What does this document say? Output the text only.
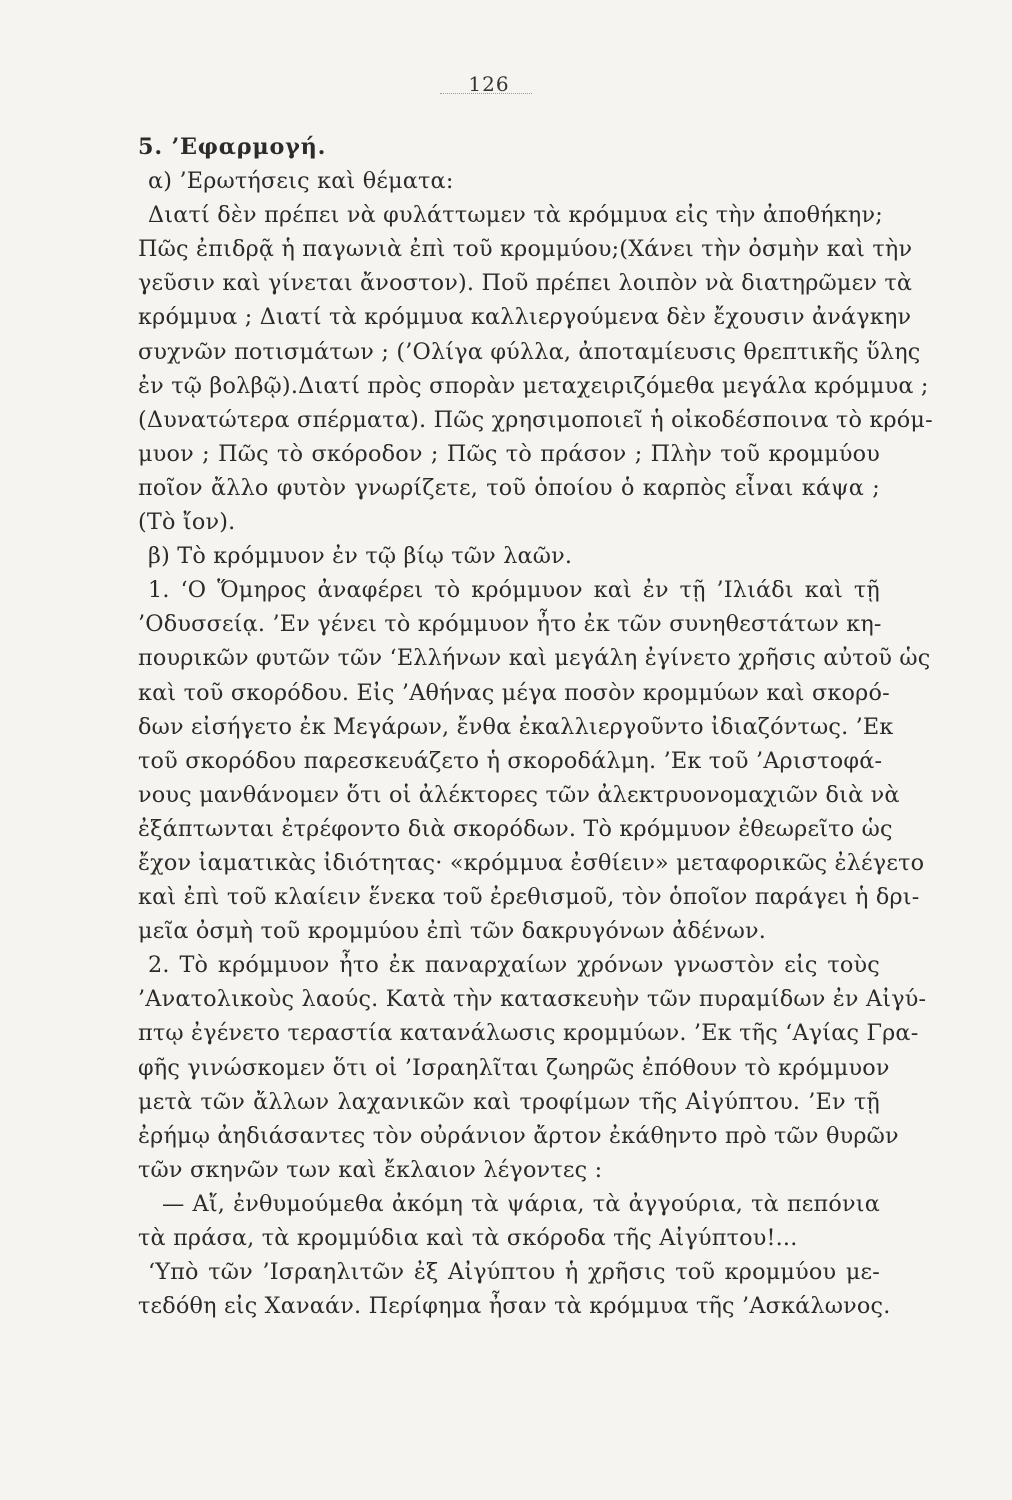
126
5. ’Εφαρμογή.
α) ’Ερωτήσεις καὶ θέματα:
Διατί δὲν πρέπει νὰ φυλάττωμεν τὰ κρόμμυα εἰς τὴν ἀποθήκην;
Πῶς ἐπιδρᾷ ἡ παγωνιὰ ἐπὶ τοῦ κρομμύου;(Χάνει τὴν ὀσμὴν καὶ τὴν
γεῦσιν καὶ γίνεται ἄνοστον). Ποῦ πρέπει λοιπὸν νὰ διατηρῶμεν τὰ
κρόμμυα ; Διατί τὰ κρόμμυα καλλιεργούμενα δὲν ἔχουσιν ἀνάγκην
συχνῶν ποτισμάτων ; (’Ολίγα φύλλα, ἀποταμίευσις θρεπτικῆς ὕλης
ἐν τῷ βολβῷ).Διατί πρὸς σπορὰν μεταχειριζόμεθα μεγάλα κρόμμυα ;
(Δυνατώτερα σπέρματα). Πῶς χρησιμοποιεῖ ἡ οἰκοδέσποινα τὸ κρόμ-
μυον ; Πῶς τὸ σκόροδον ; Πῶς τὸ πράσον ; Πλὴν τοῦ κρομμύου
ποῖον ἄλλο φυτὸν γνωρίζετε, τοῦ ὁποίου ὁ καρπὸς εἶναι κάψα ;
(Τὸ ἴον).
β) Τὸ κρόμμυον ἐν τῷ βίῳ τῶν λαῶν.
1. ‘Ο Ὅμηρος ἀναφέρει τὸ κρόμμυον καὶ ἐν τῇ ’Ιλιάδι καὶ τῇ
’Οδυσσείᾳ. ’Εν γένει τὸ κρόμμυον ἦτο ἐκ τῶν συνηθεστάτων κη-
πουρικῶν φυτῶν τῶν ‘Ελλήνων καὶ μεγάλη ἐγίνετο χρῆσις αὐτοῦ ὡς
καὶ τοῦ σκορόδου. Εἰς ’Αθήνας μέγα ποσὸν κρομμύων καὶ σκορό-
δων εἰσήγετο ἐκ Μεγάρων, ἔνθα ἐκαλλιεργοῦντο ἰδιαζόντως. ’Εκ
τοῦ σκορόδου παρεσκευάζετο ἡ σκοροδάλμη. ’Εκ τοῦ ’Αριστοφά-
νους μανθάνομεν ὅτι οἱ ἀλέκτορες τῶν ἀλεκτρυονομαχιῶν διὰ νὰ
ἐξάπτωνται ἐτρέφοντο διὰ σκορόδων. Τὸ κρόμμυον ἐθεωρεῖτο ὡς
ἔχον ἰαματικὰς ἰδιότητας· «κρόμμυα ἐσθίειν» μεταφορικῶς ἐλέγετο
καὶ ἐπὶ τοῦ κλαίειν ἕνεκα τοῦ ἐρεθισμοῦ, τὸν ὁποῖον παράγει ἡ δρι-
μεῖα ὀσμὴ τοῦ κρομμύου ἐπὶ τῶν δακρυγόνων ἀδένων.
2. Τὸ κρόμμυον ἦτο ἐκ παναρχαίων χρόνων γνωστὸν εἰς τοὺς
’Ανατολικοὺς λαούς. Κατὰ τὴν κατασκευὴν τῶν πυραμίδων ἐν Αἰγύ-
πτῳ ἐγένετο τεραστία κατανάλωσις κρομμύων. ’Εκ τῆς ‘Αγίας Γρα-
φῆς γινώσκομεν ὅτι οἱ ’Ισραηλῖται ζωηρῶς ἐπόθουν τὸ κρόμμυον
μετὰ τῶν ἄλλων λαχανικῶν καὶ τροφίμων τῆς Αἰγύπτου. ’Εν τῇ
ἐρήμῳ ἀηδιάσαντες τὸν οὐράνιον ἄρτον ἐκάθηντο πρὸ τῶν θυρῶν
τῶν σκηνῶν των καὶ ἔκλαιον λέγοντες :
— Αἴ, ἐνθυμούμεθα ἀκόμη τὰ ψάρια, τὰ ἀγγούρια, τὰ πεπόνια
τὰ πράσα, τὰ κρομμύδια καὶ τὰ σκόροδα τῆς Αἰγύπτου!...
‘Υπὸ τῶν ’Ισραηλιτῶν ἐξ Αἰγύπτου ἡ χρῆσις τοῦ κρομμύου με-
τεδόθη εἰς Χαναάν. Περίφημα ἦσαν τὰ κρόμμυα τῆς ’Ασκάλωνος.
